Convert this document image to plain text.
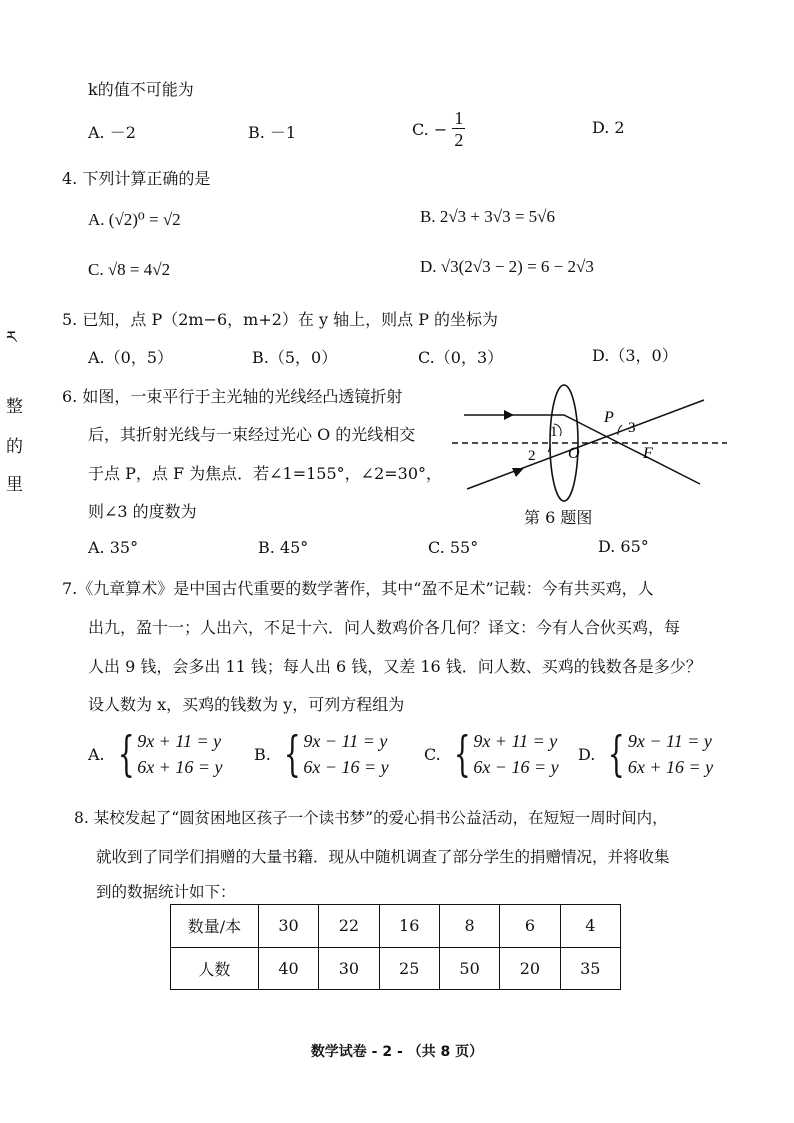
ར
整
的
里
k的值不可能为
A. －2	B. －1	C. − $\frac{1}{2}$	D. 2
4. 下列计算正确的是
A. (√2)⁰ = √2	B. 2√3 + 3√3 = 5√6
C. √8 = 4√2	D. √3(2√3 − 2) = 6 − 2√3
5. 已知，点 P（2m−6，m+2）在 y 轴上，则点 P 的坐标为
A.（0，5）	B.（5，0）	C.（0，3）	D.（3，0）
6. 如图，一束平行于主光轴的光线经凸透镜折射
后，其折射光线与一束经过光心 O 的光线相交
于点 P，点 F 为焦点．若∠1=155°，∠2=30°，
则∠3 的度数为
A. 35°	B. 45°	C. 55°	D. 65°
1
2
3
P
O	F
第 6 题图
7.《九章算术》是中国古代重要的数学著作，其中“盈不足术”记载：今有共买鸡，人
出九，盈十一；人出六，不足十六．问人数鸡价各几何？译文：今有人合伙买鸡，每
人出 9 钱，会多出 11 钱；每人出 6 钱，又差 16 钱．问人数、买鸡的钱数各是多少？
设人数为 x，买鸡的钱数为 y，可列方程组为
A. { 9x + 11 = y
6x + 16 = y
B. { 9x − 11 = y
6x − 16 = y
C. { 9x + 11 = y
6x − 16 = y
D. { 9x − 11 = y
6x + 16 = y
8. 某校发起了“圆贫困地区孩子一个读书梦”的爱心捐书公益活动，在短短一周时间内，
就收到了同学们捐赠的大量书籍．现从中随机调查了部分学生的捐赠情况，并将收集
到的数据统计如下：
数量/本	30	22	16	8	6	4
人数	40	30	25	50	20	35
数学试卷 - 2 - （共 8 页）
